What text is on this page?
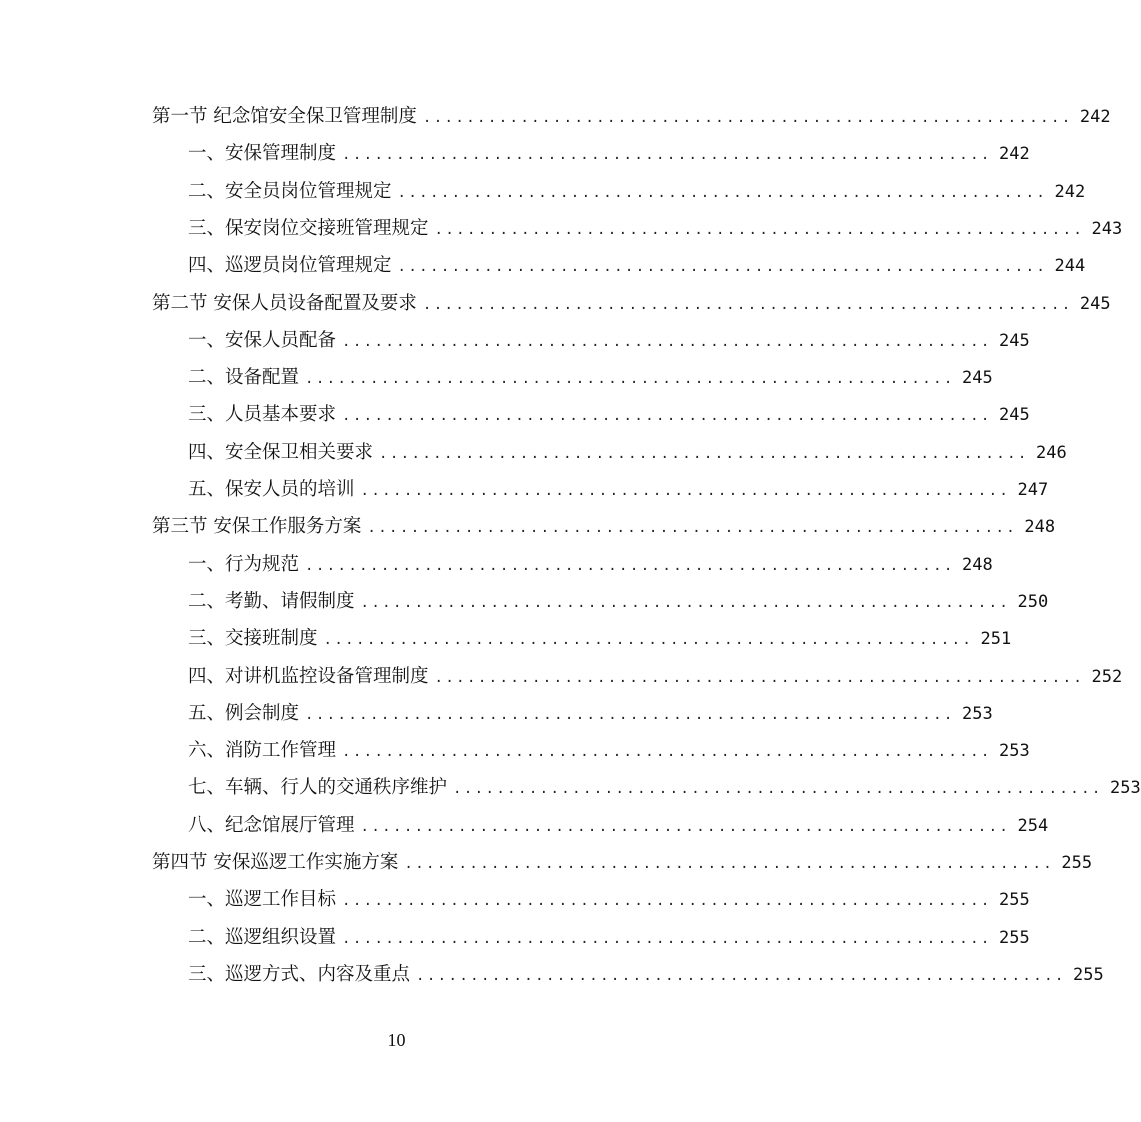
第一节 纪念馆安全保卫管理制度 ............................................................ 242
一、安保管理制度 ............................................................ 242
二、安全员岗位管理规定 ............................................................ 242
三、保安岗位交接班管理规定 ............................................................ 243
四、巡逻员岗位管理规定 ............................................................ 244
第二节 安保人员设备配置及要求 ............................................................ 245
一、安保人员配备 ............................................................ 245
二、设备配置 ............................................................ 245
三、人员基本要求 ............................................................ 245
四、安全保卫相关要求 ............................................................ 246
五、保安人员的培训 ............................................................ 247
第三节 安保工作服务方案 ............................................................ 248
一、行为规范 ............................................................ 248
二、考勤、请假制度 ............................................................ 250
三、交接班制度 ............................................................ 251
四、对讲机监控设备管理制度 ............................................................ 252
五、例会制度 ............................................................ 253
六、消防工作管理 ............................................................ 253
七、车辆、行人的交通秩序维护 ............................................................ 253
八、纪念馆展厅管理 ............................................................ 254
第四节 安保巡逻工作实施方案 ............................................................ 255
一、巡逻工作目标 ............................................................ 255
二、巡逻组织设置 ............................................................ 255
三、巡逻方式、内容及重点 ............................................................ 255
10
